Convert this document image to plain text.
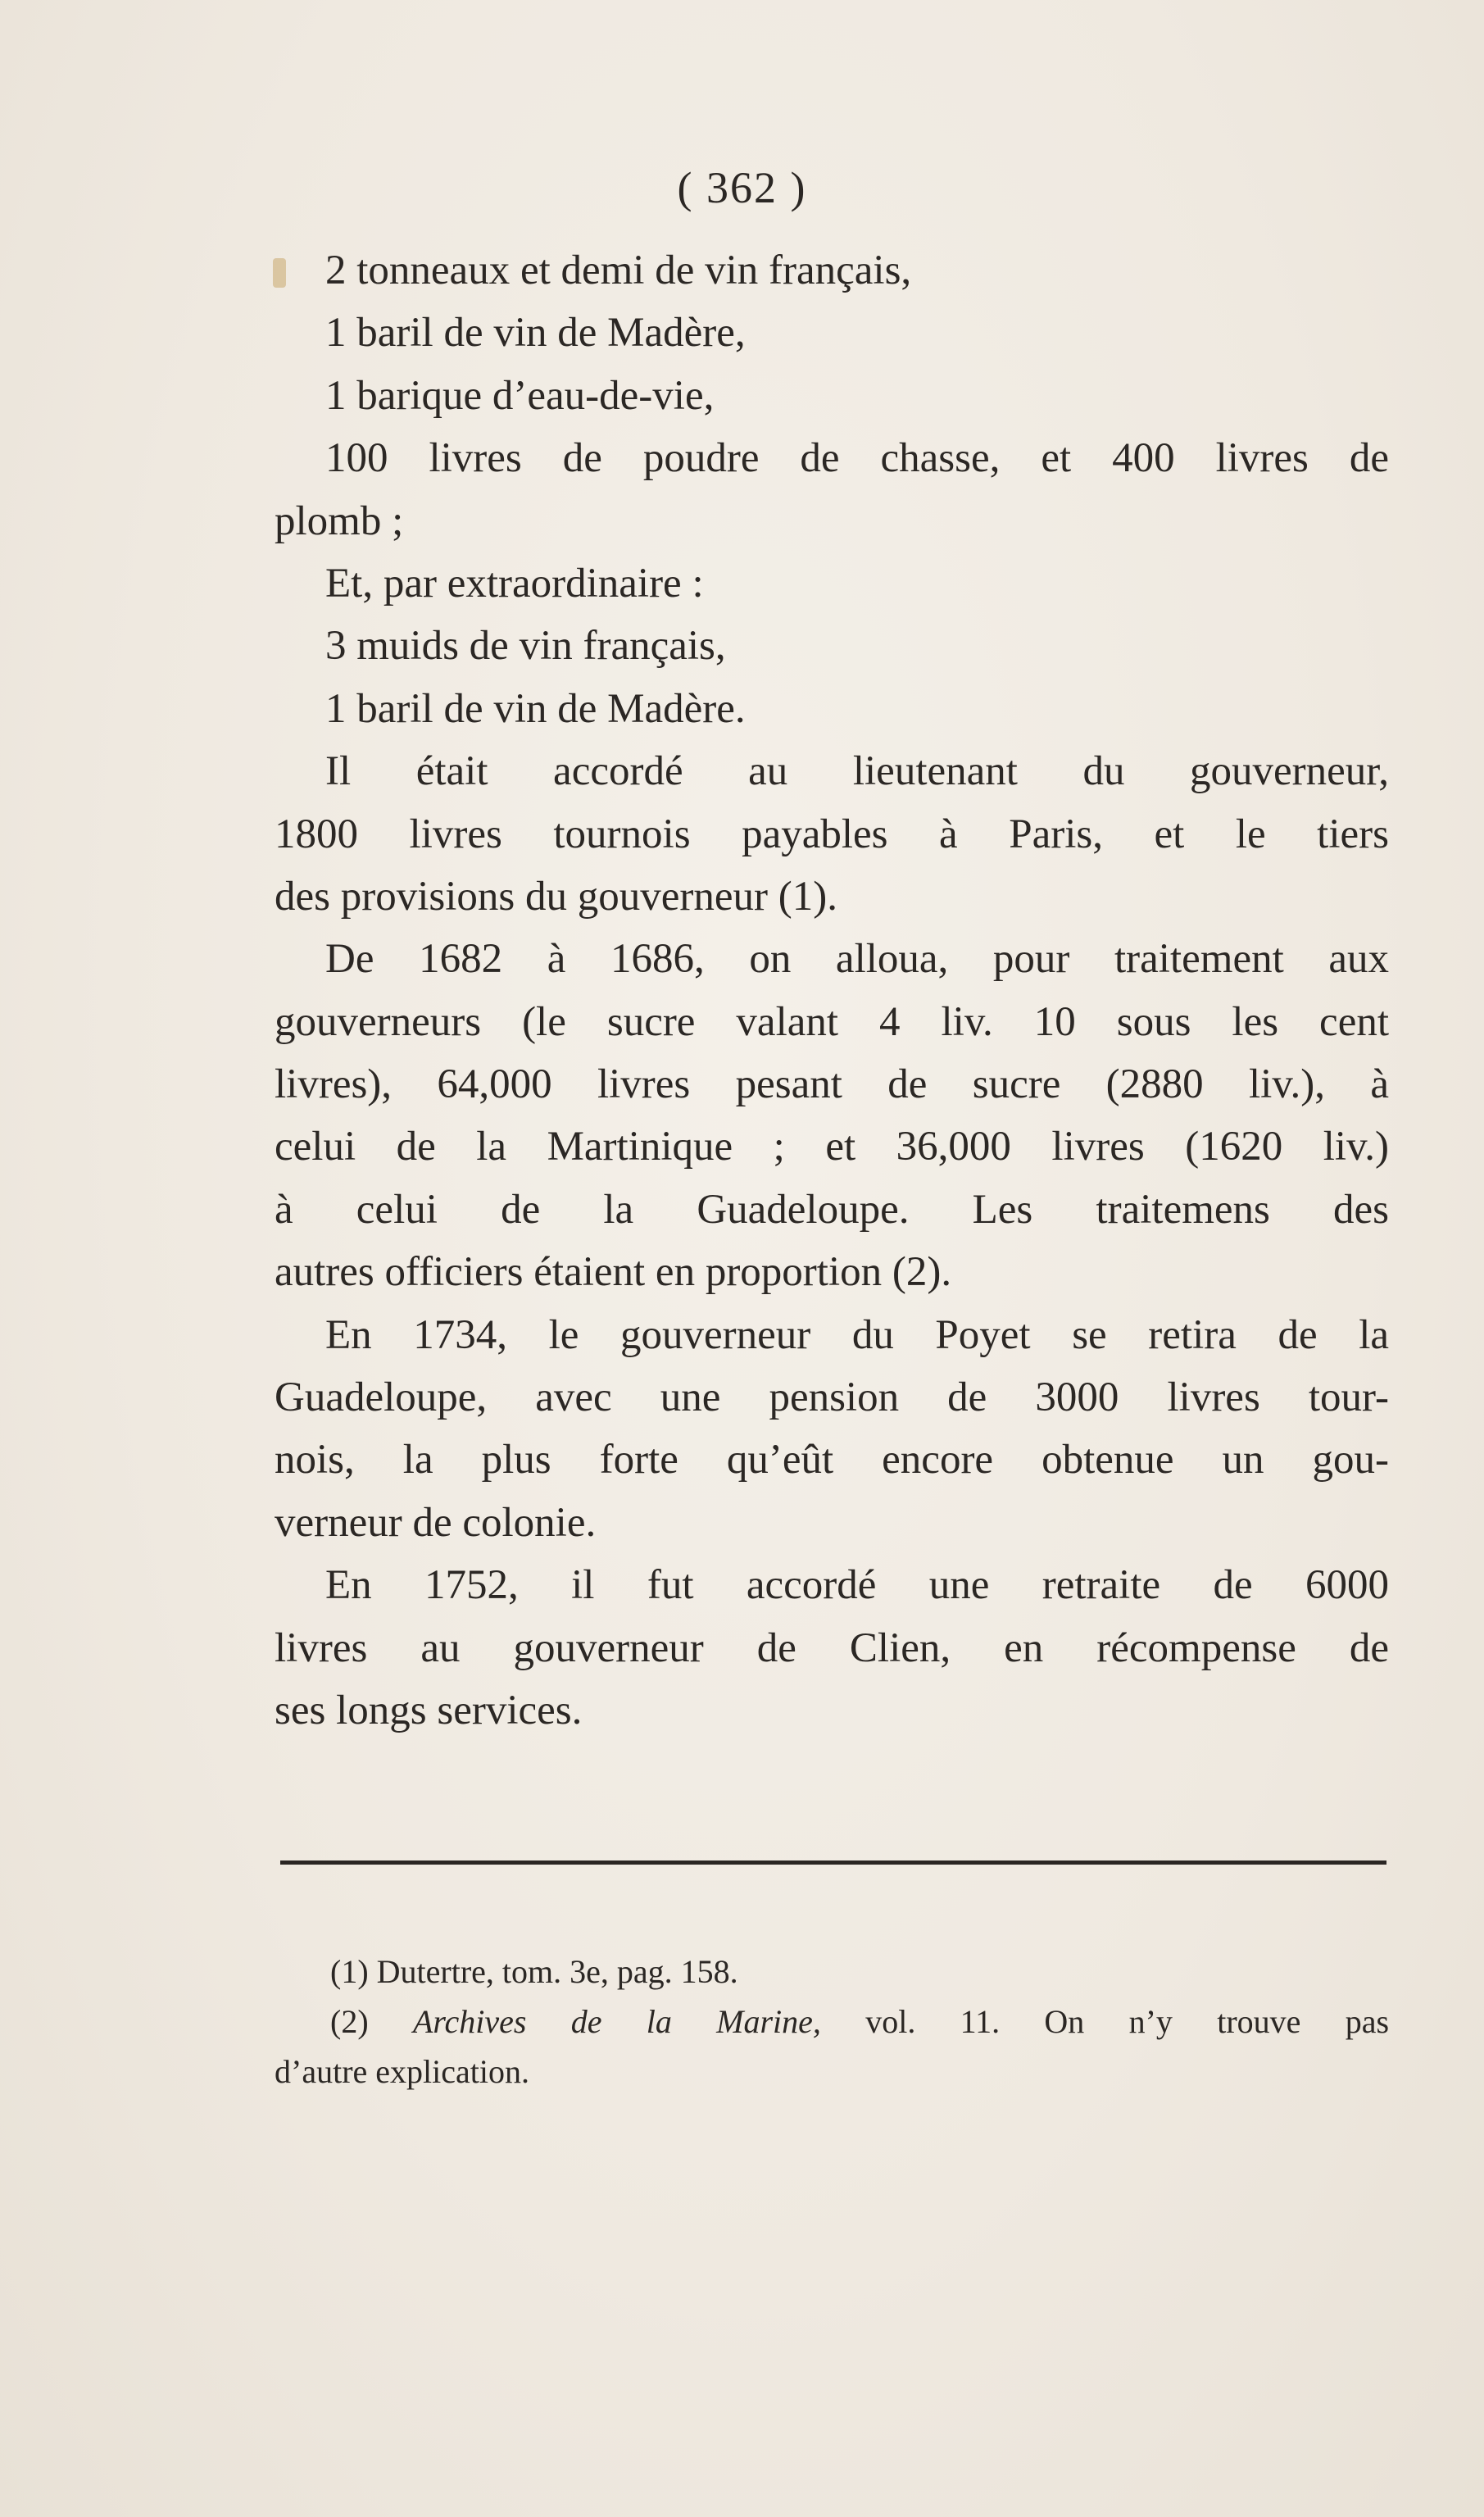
( 362 )
2 tonneaux et demi de vin français,
1 baril de vin de Madère,
1 barique d’eau-de-vie,
100 livres de poudre de chasse, et 400 livres de
plomb ;
Et, par extraordinaire :
3 muids de vin français,
1 baril de vin de Madère.
Il était accordé au lieutenant du gouverneur,
1800 livres tournois payables à Paris, et le tiers
des provisions du gouverneur (1).
De 1682 à 1686, on alloua, pour traitement aux
gouverneurs (le sucre valant 4 liv. 10 sous les cent
livres), 64,000 livres pesant de sucre (2880 liv.), à
celui de la Martinique ; et 36,000 livres (1620 liv.)
à celui de la Guadeloupe. Les traitemens des
autres officiers étaient en proportion (2).
En 1734, le gouverneur du Poyet se retira de la
Guadeloupe, avec une pension de 3000 livres tour-
nois, la plus forte qu’eût encore obtenue un gou-
verneur de colonie.
En 1752, il fut accordé une retraite de 6000
livres au gouverneur de Clien, en récompense de
ses longs services.
(1) Dutertre, tom. 3e, pag. 158.
(2) Archives de la Marine, vol. 11. On n’y trouve pas
d’autre explication.
